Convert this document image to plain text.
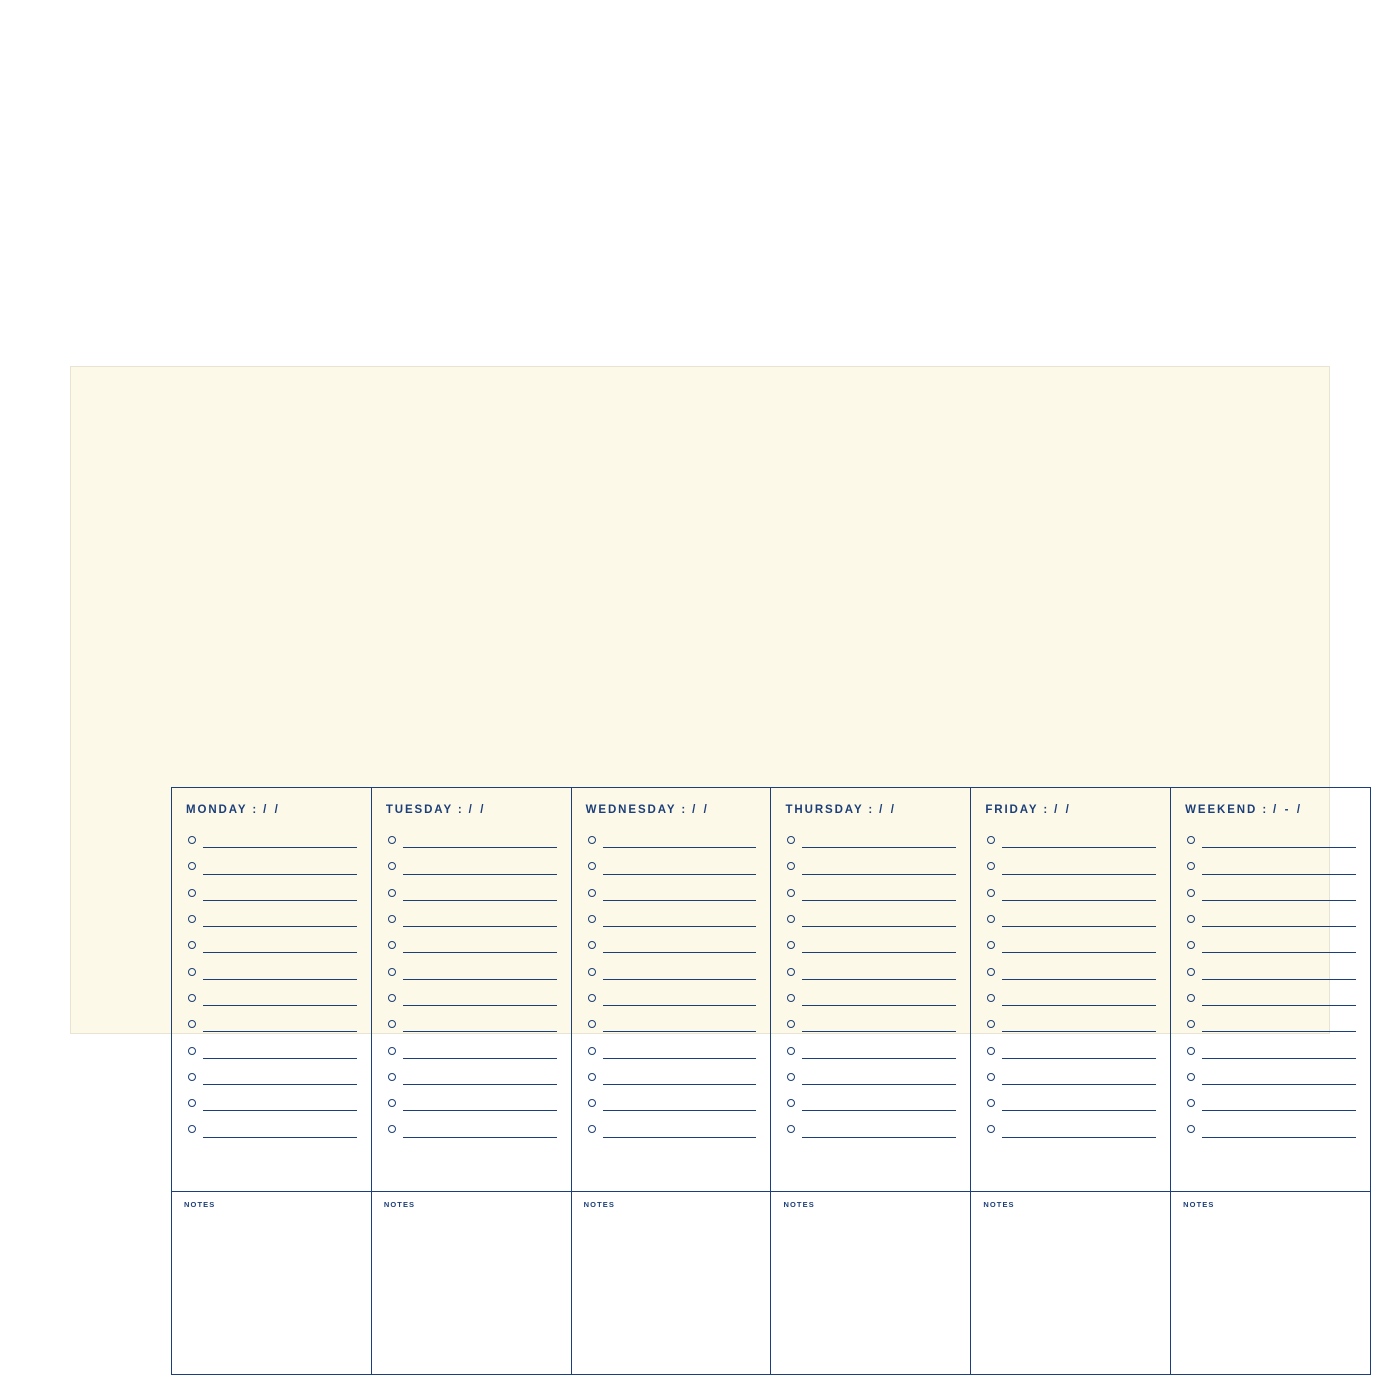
MONDAY : / /	TUESDAY : / /	WEDNESDAY : / /	THURSDAY : / /	FRIDAY : / /	WEEKEND : / - /
NOTES	NOTES	NOTES	NOTES	NOTES	NOTES
